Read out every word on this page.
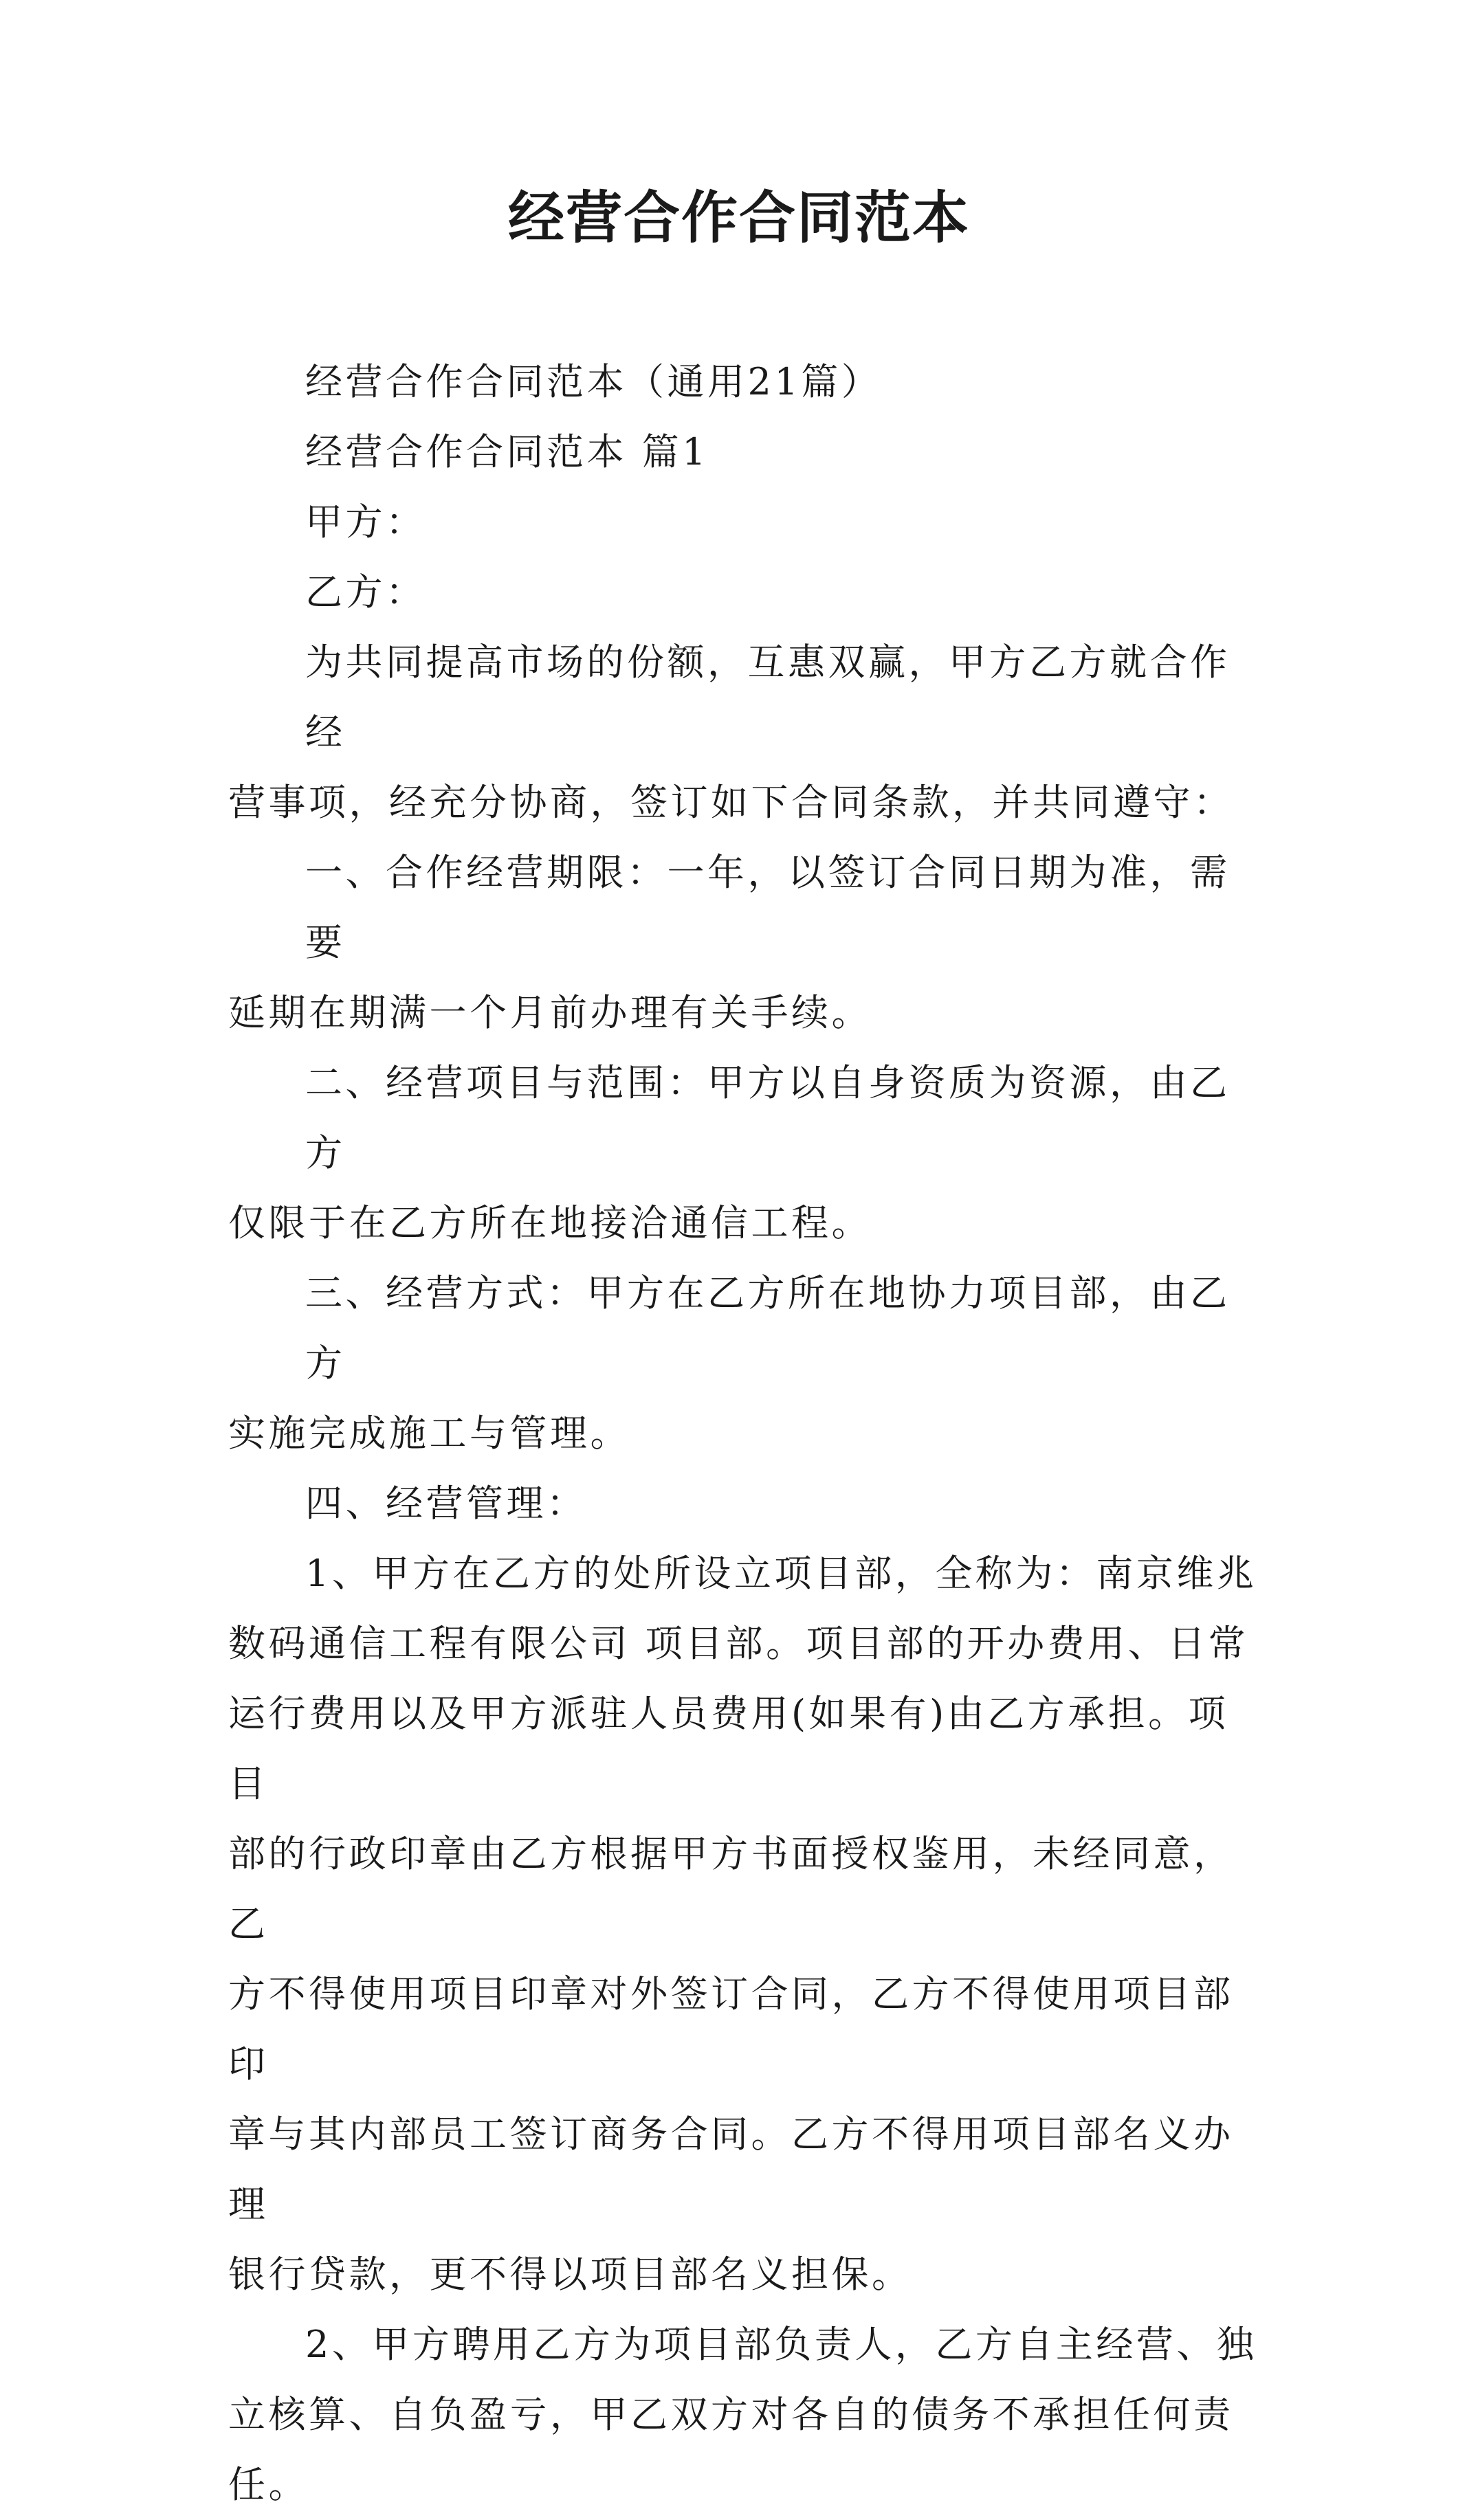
经营合作合同范本
经营合作合同范本（通用21篇）
经营合作合同范本 篇1
甲方：
乙方：
为共同提高市场的份额，互惠双赢，甲方乙方就合作经
营事项，经充分协商，签订如下合同条款，并共同遵守：
一、合作经营期限：一年，以签订合同日期为准，需要
延期在期满一个月前办理有关手续。
二、经营项目与范围：甲方以自身资质为资源，由乙方
仅限于在乙方所在地接洽通信工程。
三、经营方式：甲方在乙方所在地协力项目部，由乙方
实施完成施工与管理。
四、经营管理：
1、甲方在乙方的处所设立项目部，全称为：南京维兆
数码通信工程有限公司 项目部。项目部的开办费用、日常
运行费用以及甲方派驻人员费用(如果有)由乙方承担。项目
部的行政印章由乙方根据甲方书面授权鉴用，未经同意，乙
方不得使用项目印章对外签订合同，乙方不得使用项目部印
章与其内部员工签订商务合同。乙方不得用项目部名义办理
银行贷款，更不得以项目部名义担保。
2、甲方聘用乙方为项目部负责人，乙方自主经营、独
立核算、自负盈亏，甲乙双方对各自的债务不承担任何责任。
